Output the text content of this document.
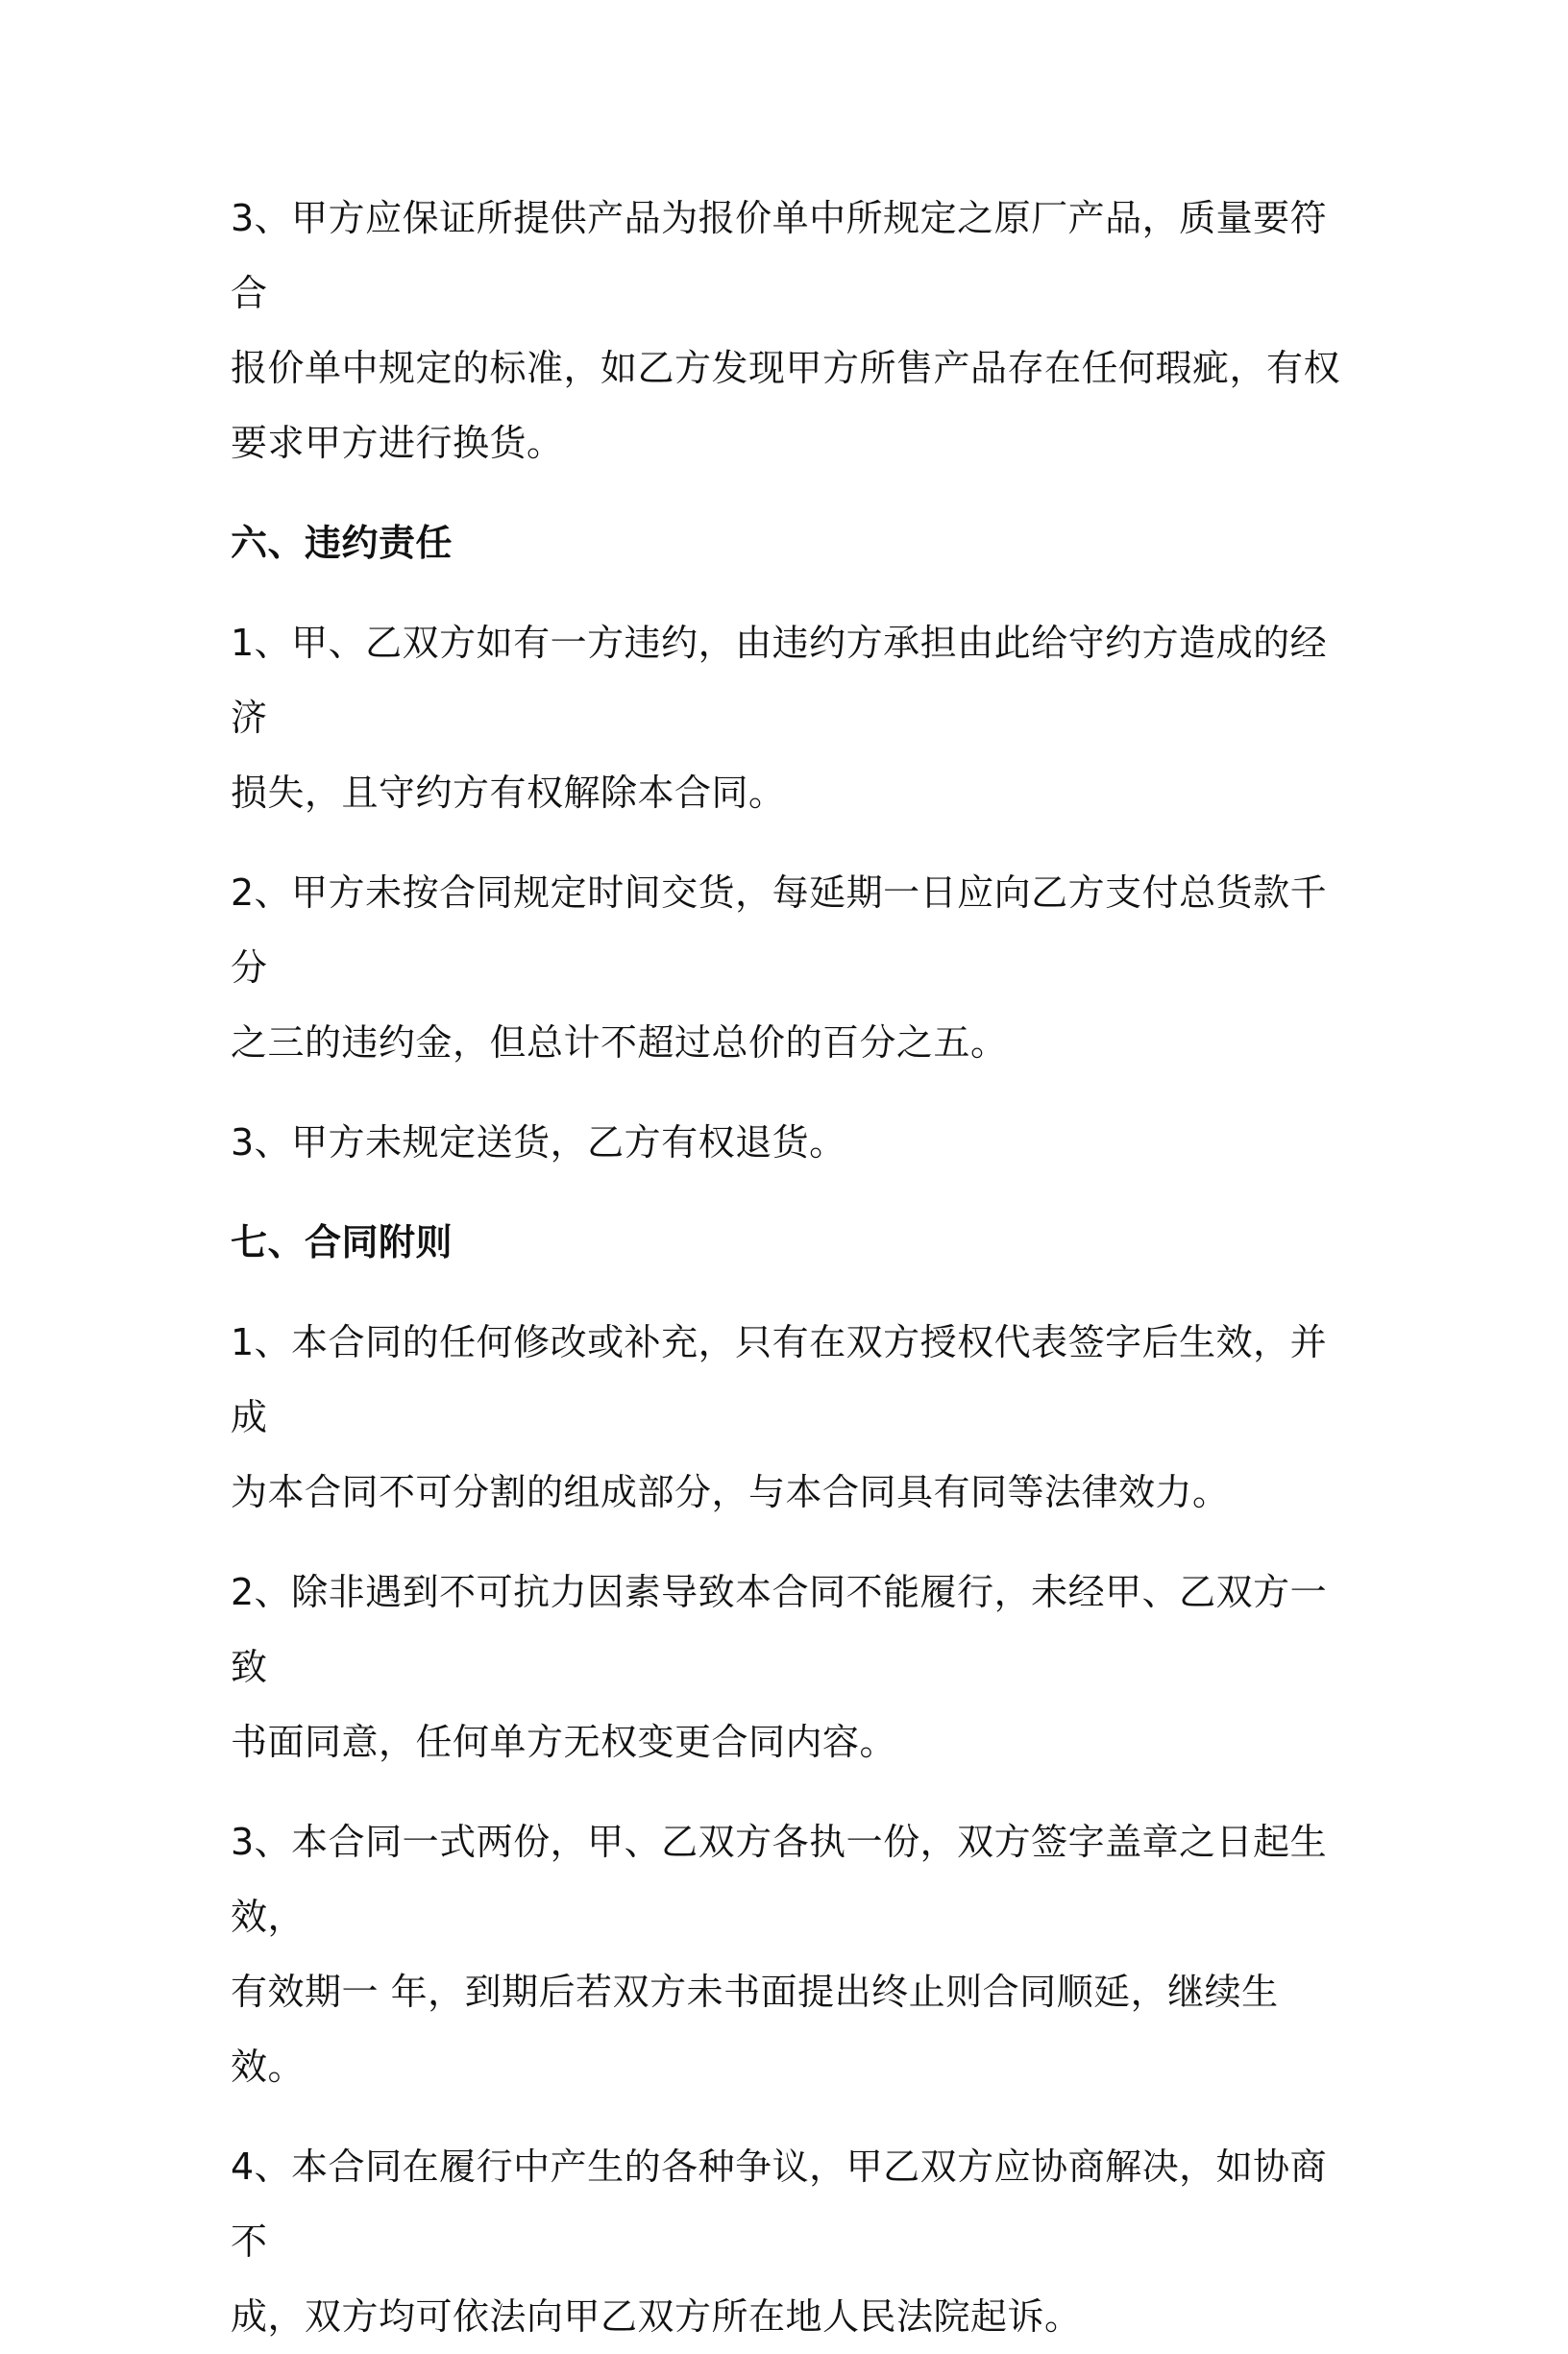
3、甲方应保证所提供产品为报价单中所规定之原厂产品，质量要符合

报价单中规定的标准，如乙方发现甲方所售产品存在任何瑕疵，有权

要求甲方进行换货。

六、违约责任

1、甲、乙双方如有一方违约，由违约方承担由此给守约方造成的经济

损失，且守约方有权解除本合同。

2、甲方未按合同规定时间交货，每延期一日应向乙方支付总货款千分

之三的违约金，但总计不超过总价的百分之五。

3、甲方未规定送货，乙方有权退货。

七、合同附则

1、本合同的任何修改或补充，只有在双方授权代表签字后生效，并成

为本合同不可分割的组成部分，与本合同具有同等法律效力。

2、除非遇到不可抗力因素导致本合同不能履行，未经甲、乙双方一致

书面同意，任何单方无权变更合同内容。

3、本合同一式两份，甲、乙双方各执一份，双方签字盖章之日起生效，

有效期一 年，到期后若双方未书面提出终止则合同顺延，继续生效。

4、本合同在履行中产生的各种争议，甲乙双方应协商解决，如协商不

成，双方均可依法向甲乙双方所在地人民法院起诉。
